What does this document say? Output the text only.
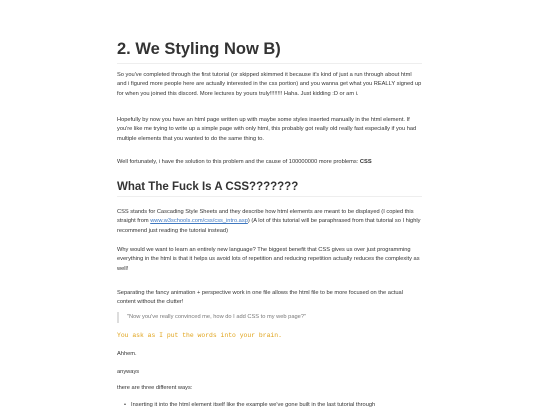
2. We Styling Now B)

So you've completed through the first tutorial (or skipped skimmed it because it's kind of just a run through about html and i figured more people here are actually interested in the css portion) and you wanna get what you REALLY signed up for when you joined this discord. More lectures by yours truly!!!!!!!! Haha. Just kidding :D or am i.

Hopefully by now you have an html page written up with maybe some styles inserted manually in the html element. If you're like me trying to write up a simple page with only html, this probably got really old really fast especially if you had multiple elements that you wanted to do the same thing to.

Well fortunately, i have the solution to this problem and the cause of 100000000 more problems: CSS

What The Fuck Is A CSS???????

CSS stands for Cascading Style Sheets and they describe how html elements are meant to be displayed (I copied this straight from www.w3schools.com/css/css_intro.asp) (A lot of this tutorial will be paraphrased from that tutorial so I highly recommend just reading the tutorial instead)

Why would we want to learn an entirely new language? The biggest benefit that CSS gives us over just programming everything in the html is that it helps us avoid lots of repetition and reducing repetition actually reduces the complexity as well!

Separating the fancy animation + perspective work in one file allows the html file to be more focused on the actual content without the clutter!

"Now you've really convinced me, how do I add CSS to my web page?"
You ask as I put the words into your brain.

Ahhem.

anyways

there are three different ways:

• Inserting it into the html element itself like the example we've gone built in the last tutorial through
